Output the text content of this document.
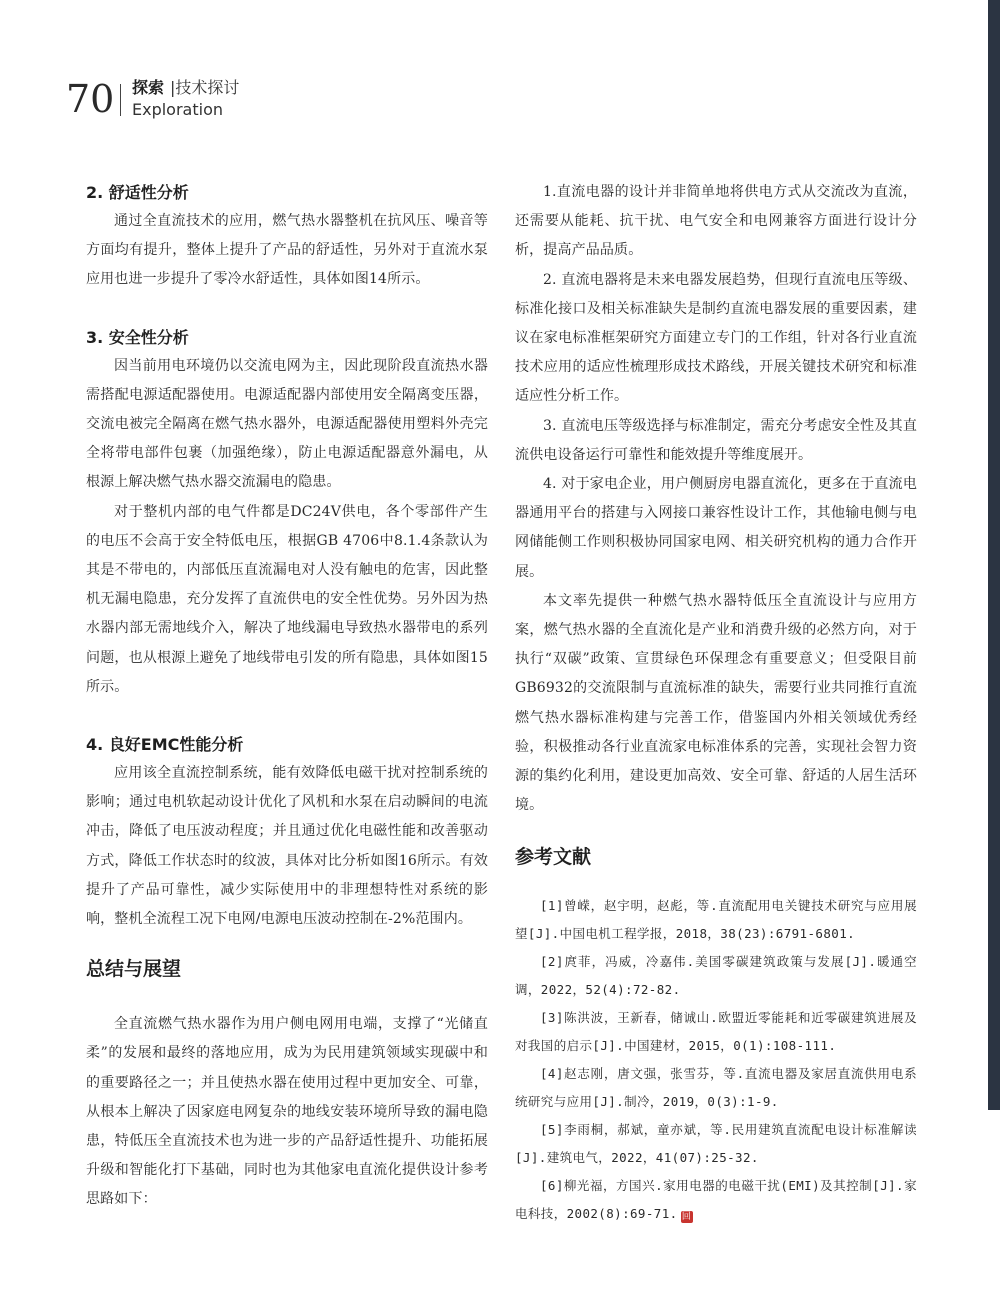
70 探索 |技术探讨
Exploration

2. 舒适性分析

通过全直流技术的应用，燃气热水器整机在抗风压、噪音等方面均有提升，整体上提升了产品的舒适性，另外对于直流水泵应用也进一步提升了零冷水舒适性，具体如图14所示。

3. 安全性分析

因当前用电环境仍以交流电网为主，因此现阶段直流热水器需搭配电源适配器使用。电源适配器内部使用安全隔离变压器，交流电被完全隔离在燃气热水器外，电源适配器使用塑料外壳完全将带电部件包裹（加强绝缘），防止电源适配器意外漏电，从根源上解决燃气热水器交流漏电的隐患。

对于整机内部的电气件都是DC24V供电，各个零部件产生的电压不会高于安全特低电压，根据GB 4706中8.1.4条款认为其是不带电的，内部低压直流漏电对人没有触电的危害，因此整机无漏电隐患，充分发挥了直流供电的安全性优势。另外因为热水器内部无需地线介入，解决了地线漏电导致热水器带电的系列问题，也从根源上避免了地线带电引发的所有隐患，具体如图15所示。

4. 良好EMC性能分析

应用该全直流控制系统，能有效降低电磁干扰对控制系统的影响；通过电机软起动设计优化了风机和水泵在启动瞬间的电流冲击，降低了电压波动程度；并且通过优化电磁性能和改善驱动方式，降低工作状态时的纹波，具体对比分析如图16所示。有效提升了产品可靠性，减少实际使用中的非理想特性对系统的影响，整机全流程工况下电网/电源电压波动控制在-2%范围内。

总结与展望

全直流燃气热水器作为用户侧电网用电端，支撑了“光储直柔”的发展和最终的落地应用，成为为民用建筑领域实现碳中和的重要路径之一；并且使热水器在使用过程中更加安全、可靠，从根本上解决了因家庭电网复杂的地线安装环境所导致的漏电隐患，特低压全直流技术也为进一步的产品舒适性提升、功能拓展升级和智能化打下基础，同时也为其他家电直流化提供设计参考思路如下：

1.直流电器的设计并非简单地将供电方式从交流改为直流，还需要从能耗、抗干扰、电气安全和电网兼容方面进行设计分析，提高产品品质。

2. 直流电器将是未来电器发展趋势，但现行直流电压等级、标准化接口及相关标准缺失是制约直流电器发展的重要因素，建议在家电标准框架研究方面建立专门的工作组，针对各行业直流技术应用的适应性梳理形成技术路线，开展关键技术研究和标准适应性分析工作。

3. 直流电压等级选择与标准制定，需充分考虑安全性及其直流供电设备运行可靠性和能效提升等维度展开。

4. 对于家电企业，用户侧厨房电器直流化，更多在于直流电器通用平台的搭建与入网接口兼容性设计工作，其他输电侧与电网储能侧工作则积极协同国家电网、相关研究机构的通力合作开展。

本文率先提供一种燃气热水器特低压全直流设计与应用方案，燃气热水器的全直流化是产业和消费升级的必然方向，对于执行“双碳”政策、宣贯绿色环保理念有重要意义；但受限目前GB6932的交流限制与直流标准的缺失，需要行业共同推行直流燃气热水器标准构建与完善工作，借鉴国内外相关领域优秀经验，积极推动各行业直流家电标准体系的完善，实现社会智力资源的集约化利用，建设更加高效、安全可靠、舒适的人居生活环境。

参考文献

[1]曾嵘，赵宇明，赵彪，等.直流配用电关键技术研究与应用展望[J].中国电机工程学报，2018，38(23):6791-6801.

[2]庹菲，冯威，冷嘉伟.美国零碳建筑政策与发展[J].暖通空调，2022，52(4):72-82.

[3]陈洪波，王新春，储诚山.欧盟近零能耗和近零碳建筑进展及对我国的启示[J].中国建材，2015，0(1):108-111.

[4]赵志刚，唐文强，张雪芬，等.直流电器及家居直流供用电系统研究与应用[J].制冷，2019，0(3):1-9.

[5]李雨桐，郝斌，童亦斌，等.民用建筑直流配电设计标准解读[J].建筑电气，2022，41(07):25-32.

[6]柳光福，方国兴.家用电器的电磁干扰(EMI)及其控制[J].家电科技，2002(8):69-71. 回
